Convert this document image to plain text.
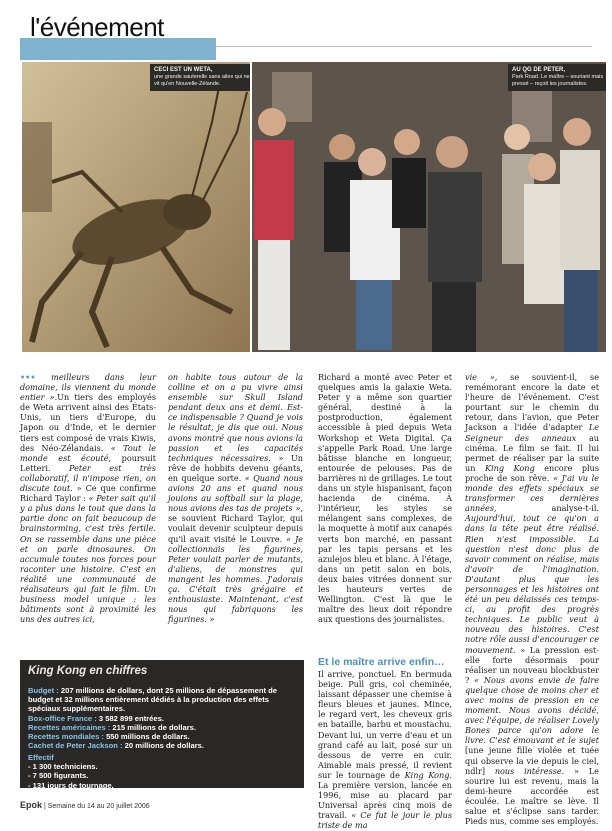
l'événement
CECI EST UN WETA,
une grande sauterelle sans ailes qui ne vit qu'en Nouvelle-Zélande.
AU QG DE PETER,
Park Road. Le maître – souriant mais pressé – reçoit les journalistes.

••• meilleurs dans leur domaine, ils viennent du monde entier ».Un tiers des employés de Weta arrivent ainsi des États-Unis, un tiers d'Europe, du Japon ou d'Inde, et le dernier tiers est composé de vrais Kiwis, des Néo-Zélandais. « Tout le monde est écouté, poursuit Letteri. Peter est très collaboratif, il n'impose rien, on discute tout. » Ce que confirme Richard Taylor : « Peter sait qu'il y a plus dans le tout que dans la partie donc on fait beaucoup de brainstorming, c'est très fertile. On se rassemble dans une pièce et on parle dinosaures. On accumule toutes nos forces pour raconter une histoire. C'est en réalité une communauté de réalisateurs qui fait le film. Un business model unique : les bâtiments sont à proximité les uns des autres ici,

on habite tous autour de la colline et on a pu vivre ainsi ensemble sur Skull Island pendant deux ans et demi. Est-ce indispensable ? Quand je vois le résultat, je dis que oui. Nous avons montré que nous avions la passion et les capacités techniques nécessaires. » Un rêve de hobbits devenu géants, en quelque sorte. « Quand nous avions 20 ans et quand nous jouions au softball sur la plage, nous avions des tas de projets », se souvient Richard Taylor, qui voulait devenir sculpteur depuis qu'il avait visité le Louvre. « Je collectionnais les figurines, Peter voulait parler de mutants, d'aliens, de monstres qui mangent les hommes. J'adorais ça. C'était très grégaire et enthousiaste. Maintenant, c'est nous qui fabriquons les figurines. »

Richard a monté avec Peter et quelques amis la galaxie Weta. Peter y a même son quartier général, destiné à la postproduction, également accessible à pied depuis Weta Workshop et Weta Digital. Ça s'appelle Park Road. Une large bâtisse blanche en longueur, entourée de pelouses. Pas de barrières ni de grillages. Le tout dans un style hispanisant, façon hacienda de cinéma. À l'intérieur, les styles se mélangent sans complexes, de la moquette à motif aux canapés verts bon marché, en passant par les tapis persans et les azulejos bleu et blanc. À l'étage, dans un petit salon en bois, deux baies vitrées donnent sur les hauteurs vertes de Wellington. C'est là que le maître des lieux doit répondre aux questions des journalistes.

Et le maître arrive enfin…

Il arrive, ponctuel. En bermuda beige. Pull gris, col cheminée, laissant dépasser une chemise à fleurs bleues et jaunes. Mince, le regard vert, les cheveux gris en bataille, barbu et moustachu. Devant lui, un verre d'eau et un grand café au lait, posé sur un dessous de verre en cuir. Aimable mais pressé, il revient sur le tournage de King Kong. La première version, lancée en 1996, mise au placard par Universal après cinq mois de travail. « Ce fut le jour le plus triste de ma

vie », se souvient-il, se remémorant encore la date et l'heure de l'événement. C'est pourtant sur le chemin du retour, dans l'avion, que Peter Jackson a l'idée d'adapter Le Seigneur des anneaux au cinéma. Le film se fait. Il lui permet de réaliser par la suite un King Kong encore plus proche de son rêve. « J'ai vu le monde des effets spéciaux se transformer ces dernières années, analyse-t-il. Aujourd'hui, tout ce qu'on a dans la tête peut être réalisé. Rien n'est impossible. La question n'est donc plus de savoir comment on réalise, mais d'avoir de l'imagination. D'autant plus que les personnages et les histoires ont été un peu délaissés ces temps-ci, au profit des progrès techniques. Le public veut à nouveau des histoires. C'est notre rôle aussi d'encourager ce mouvement. » La pression est-elle forte désormais pour réaliser un nouveau blockbuster ? « Nous avons envie de faire quelque chose de moins cher et avec moins de pression en ce moment. Nous avons décidé, avec l'équipe, de réaliser Lovely Bones parce qu'on adore le livre. C'est émouvant et le sujet [une jeune fille violée et tuée qui observe la vie depuis le ciel, ndlr] nous intéresse. » Le sourire lui est revenu, mais la demi-heure accordée est écoulée. Le maître se lève. Il salue et s'éclipse sans tarder. Pieds nus, comme ses employés.

King Kong en chiffres
Budget : 207 millions de dollars, dont 25 millions de dépassement de budget et 32 millions entièrement dédiés à la production des effets spéciaux supplémentaires.
Box-office France : 3 582 899 entrées.
Recettes américaines : 215 millions de dollars.
Recettes mondiales : 550 millions de dollars.
Cachet de Peter Jackson : 20 millions de dollars.
Effectif
- 1 300 techniciens.
- 7 500 figurants.
- 131 jours de tournage.
Epok | Semaine du 14 au 20 juillet 2006
